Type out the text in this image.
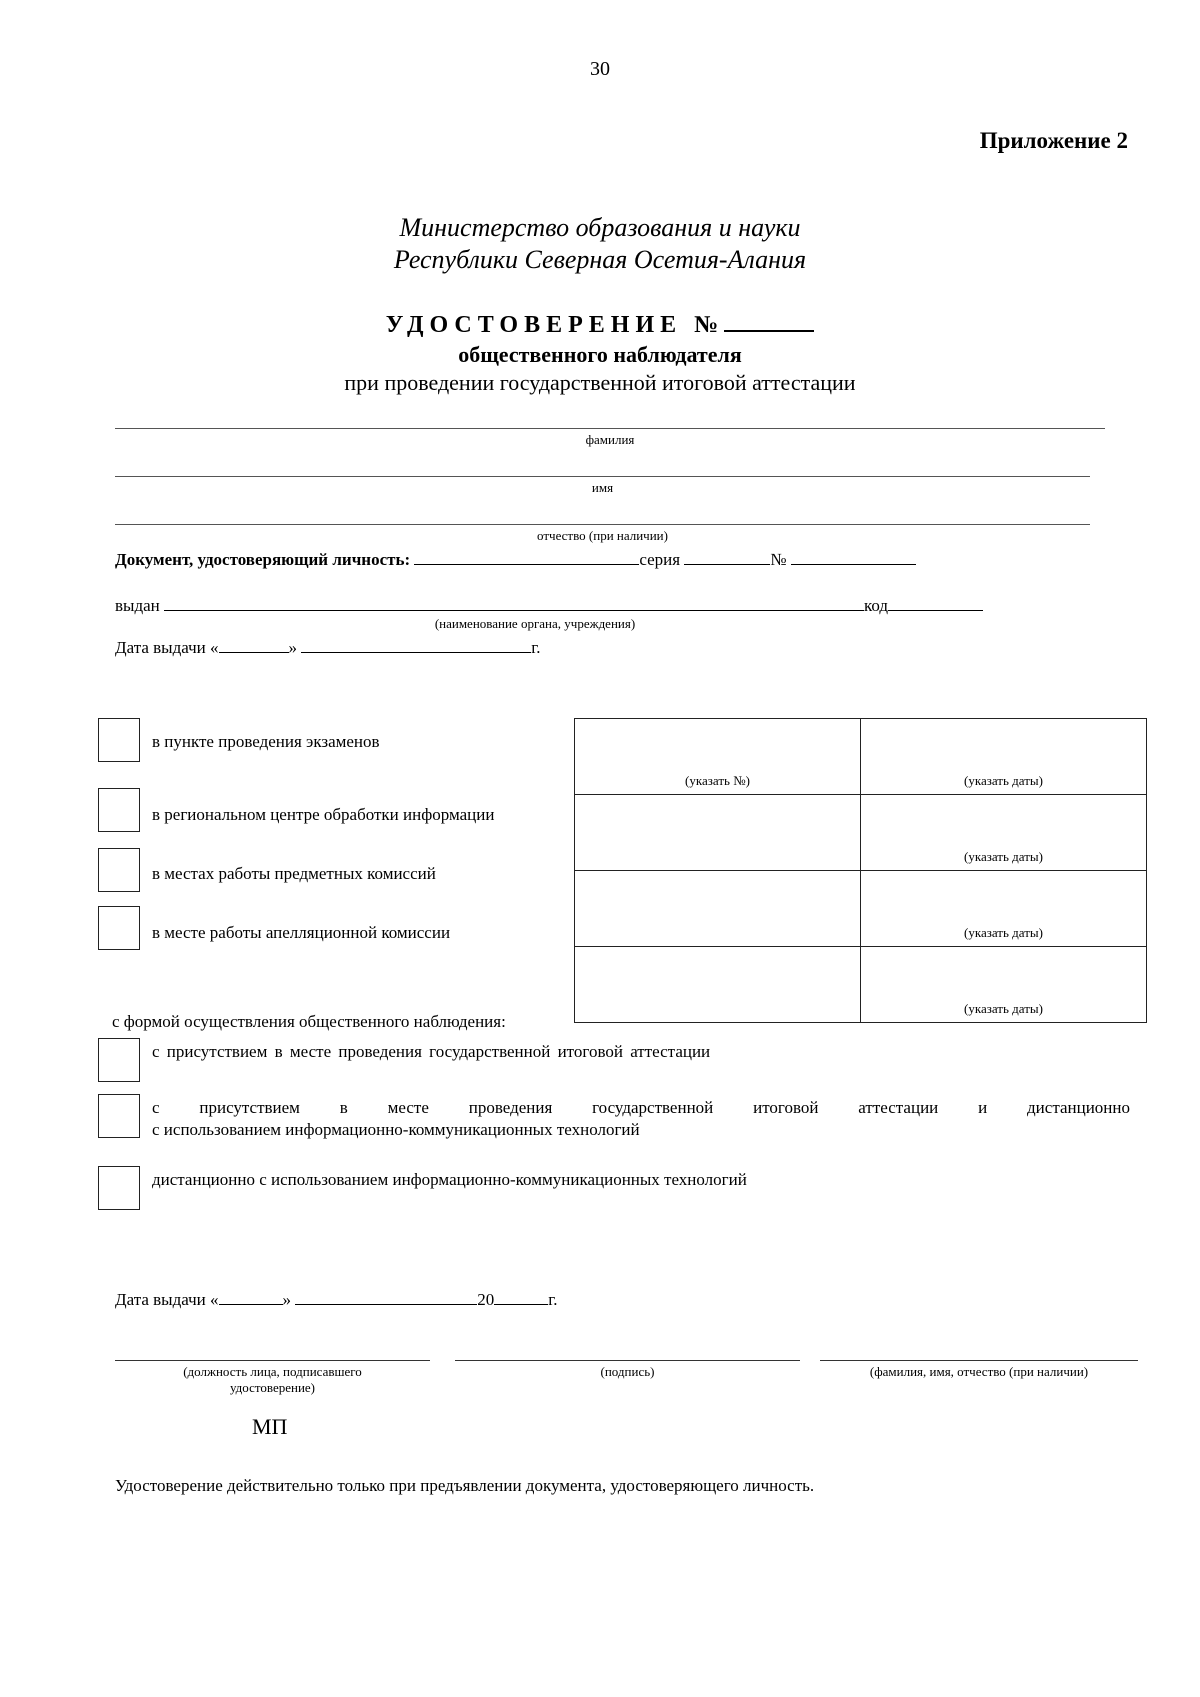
30
Приложение 2
Министерство образования и науки
Республики Северная Осетия-Алания
УДОСТОВЕРЕНИЕ №
общественного наблюдателя
при проведении государственной итоговой аттестации
фамилия
имя
отчество (при наличии)
Документ, удостоверяющий личность:	серия	№
выдан	код
(наименование органа, учреждения)
Дата выдачи «	»	г.
в пункте проведения экзаменов
в региональном центре обработки информации
в местах работы предметных комиссий
в месте работы апелляционной комиссии
(указать №)	(указать даты)
	(указать даты)
	(указать даты)
	(указать даты)
с формой осуществления общественного наблюдения:
с присутствием в месте проведения государственной итоговой аттестации
с присутствием в месте проведения государственной итоговой аттестации и дистанционно
с использованием информационно-коммуникационных технологий
дистанционно с использованием информационно-коммуникационных технологий
Дата выдачи «	»	20	г.
(должность лица, подписавшего
удостоверение)
(подпись)	(фамилия, имя, отчество (при наличии)
МП
Удостоверение действительно только при предъявлении документа, удостоверяющего личность.
